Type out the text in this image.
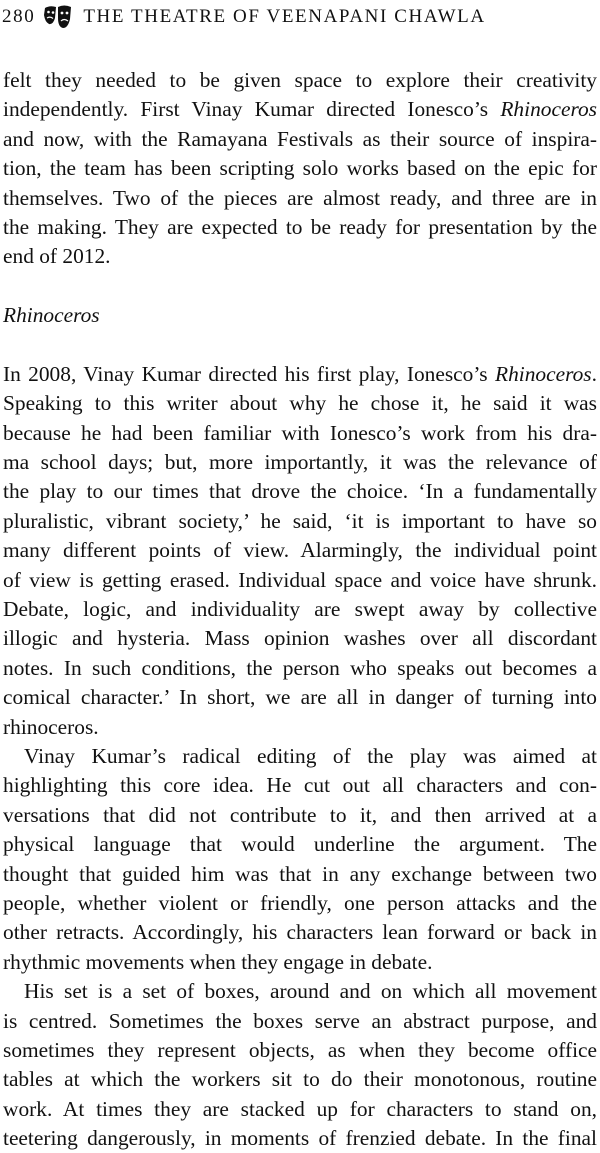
280	THE THEATRE OF VEENAPANI CHAWLA
felt they needed to be given space to explore their creativity
independently. First Vinay Kumar directed Ionesco’s Rhinoceros
and now, with the Ramayana Festivals as their source of inspira-
tion, the team has been scripting solo works based on the epic for
themselves. Two of the pieces are almost ready, and three are in
the making. They are expected to be ready for presentation by the
end of 2012.
Rhinoceros
In 2008, Vinay Kumar directed his first play, Ionesco’s Rhinoceros.
Speaking to this writer about why he chose it, he said it was
because he had been familiar with Ionesco’s work from his dra-
ma school days; but, more importantly, it was the relevance of
the play to our times that drove the choice. ‘In a fundamentally
pluralistic, vibrant society,’ he said, ‘it is important to have so
many different points of view. Alarmingly, the individual point
of view is getting erased. Individual space and voice have shrunk.
Debate, logic, and individuality are swept away by collective
illogic and hysteria. Mass opinion washes over all discordant
notes. In such conditions, the person who speaks out becomes a
comical character.’ In short, we are all in danger of turning into
rhinoceros.
Vinay Kumar’s radical editing of the play was aimed at
highlighting this core idea. He cut out all characters and con-
versations that did not contribute to it, and then arrived at a
physical language that would underline the argument. The
thought that guided him was that in any exchange between two
people, whether violent or friendly, one person attacks and the
other retracts. Accordingly, his characters lean forward or back in
rhythmic movements when they engage in debate.
His set is a set of boxes, around and on which all movement
is centred. Sometimes the boxes serve an abstract purpose, and
sometimes they represent objects, as when they become office
tables at which the workers sit to do their monotonous, routine
work. At times they are stacked up for characters to stand on,
teetering dangerously, in moments of frenzied debate. In the final
